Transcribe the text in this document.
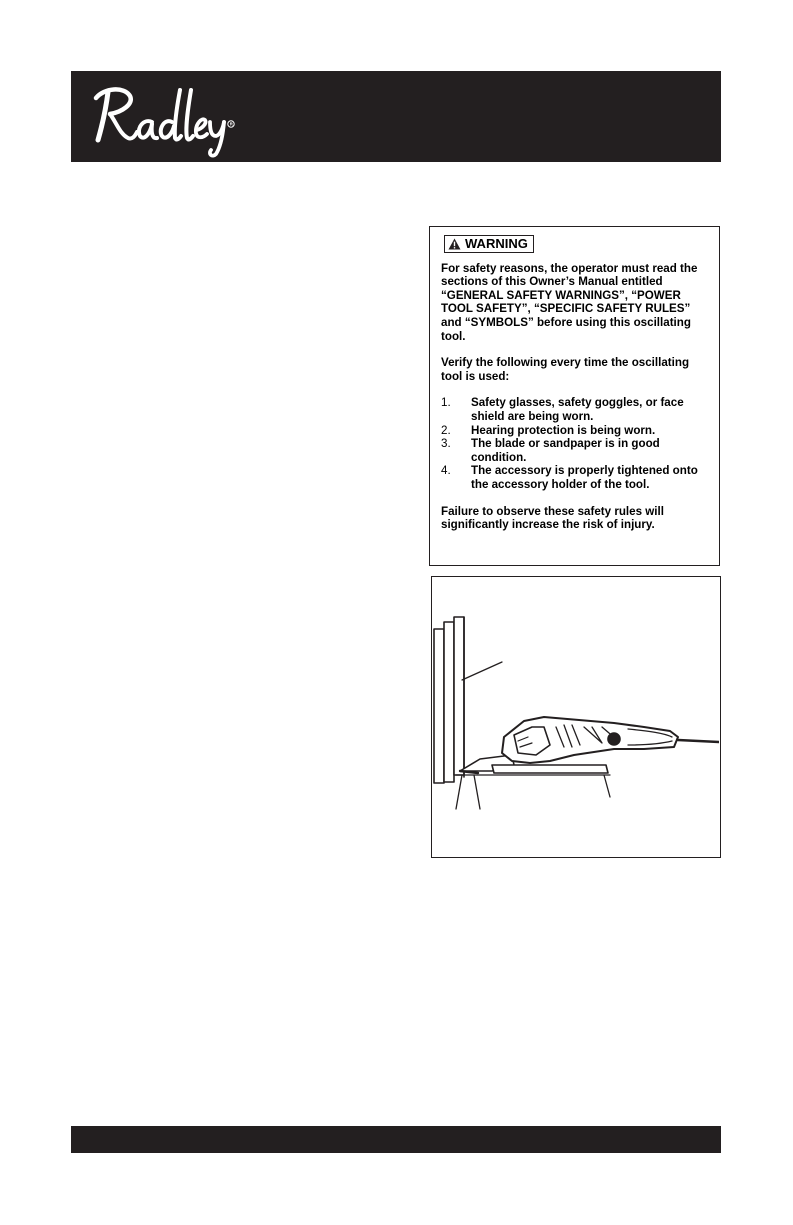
R
WARNING

For safety reasons, the operator must read the sections of this Owner’s Manual entitled “GENERAL SAFETY WARNINGS”, “POWER TOOL SAFETY”, “SPECIFIC SAFETY RULES” and “SYMBOLS” before using this oscillating tool.

Verify the following every time the oscillating tool is used:

1.	Safety glasses, safety goggles, or face shield are being worn.
2.	Hearing protection is being worn.
3.	The blade or sandpaper is in good condition.
4.	The accessory is properly tightened onto the accessory holder of the tool.

Failure to observe these safety rules will significantly increase the risk of injury.
